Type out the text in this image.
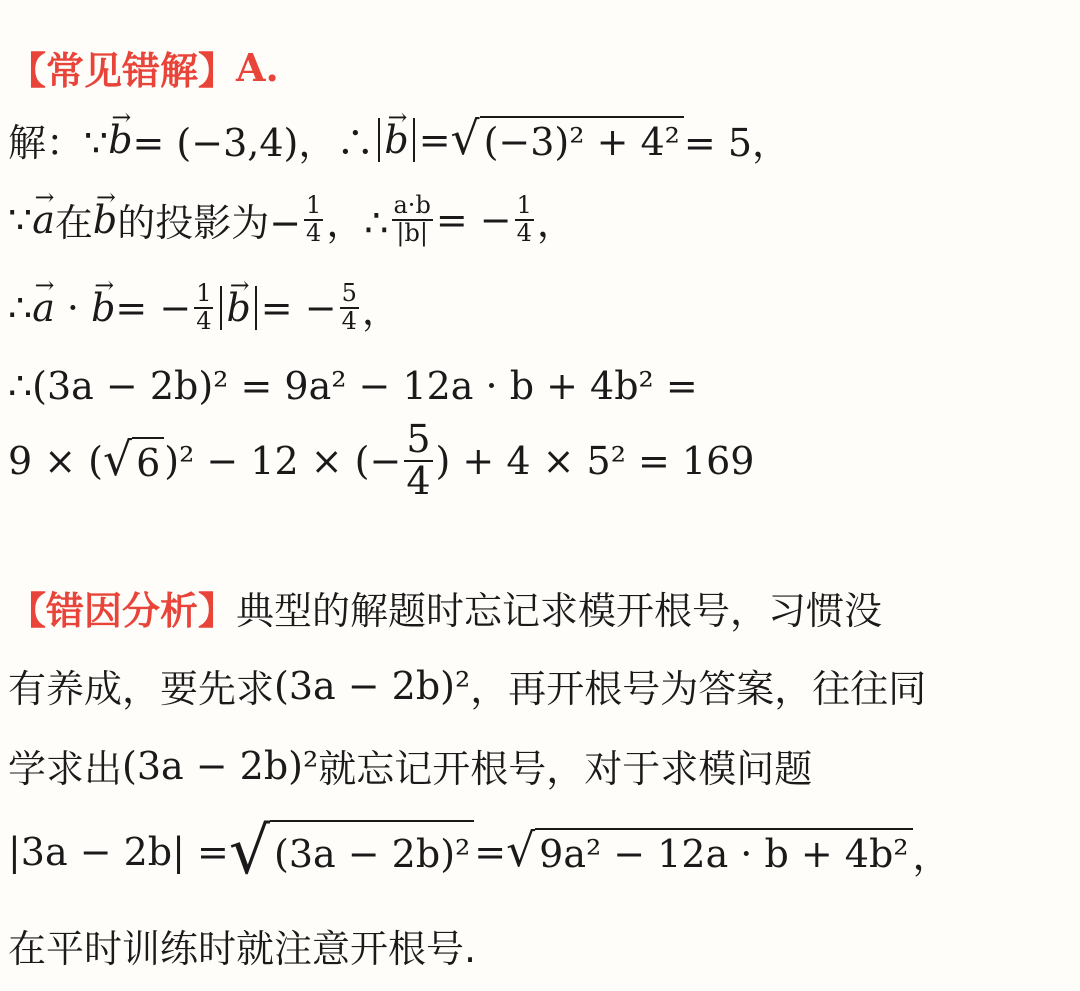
【常见错解】 A.
解：∵
→ b = (−3,4)，∴
→ b = √ (−3)² + 4² = 5，
∵
→ a 在
→ b 的投影为− $\frac{1}{4}$ ，∴ $\frac{a\cdot b}{|b|}$ = − $\frac{1}{4}$ ，
∴
→ a · → b = − $\frac{1}{4}$
→ b = − $\frac{5}{4}$ ，
∴(3a − 2b)² = 9a² − 12a · b + 4b² =
9 × ( √ 6 )² − 12 × (− $\frac{5}{4}$ ) + 4 × 5² = 169
【错因分析】 典型的解题时忘记求模开根号，习惯没
有养成，要先求 (3a − 2b)² ，再开根号为答案，往往同
学求出 (3a − 2b)² 就忘记开根号，对于求模问题
|3a − 2b| = √ (3a − 2b)² = √ 9a² − 12a · b + 4b² ，
在平时训练时就注意开根号.
